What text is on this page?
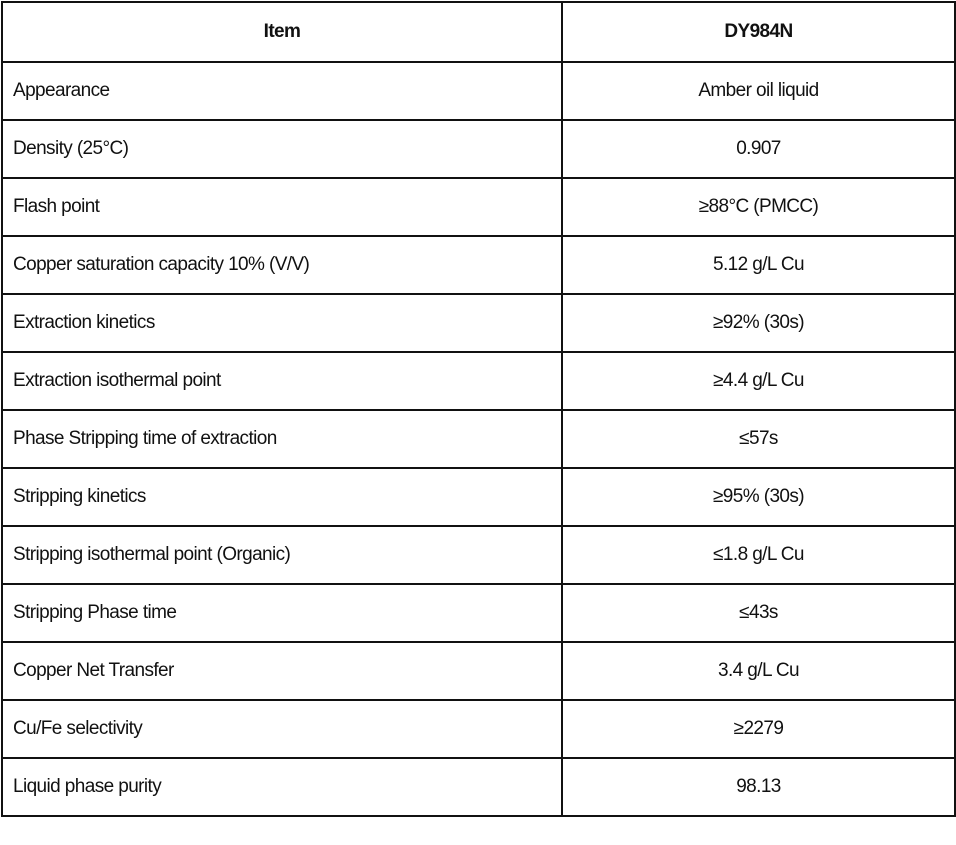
Item	DY984N
Appearance	Amber oil liquid
Density (25°C)	0.907
Flash point	≥88°C (PMCC)
Copper saturation capacity 10% (V/V)	5.12 g/L Cu
Extraction kinetics	≥92% (30s)
Extraction isothermal point	≥4.4 g/L Cu
Phase Stripping time of extraction	≤57s
Stripping kinetics	≥95% (30s)
Stripping isothermal point (Organic)	≤1.8 g/L Cu
Stripping Phase time	≤43s
Copper Net Transfer	3.4 g/L Cu
Cu/Fe selectivity	≥2279
Liquid phase purity	98.13
